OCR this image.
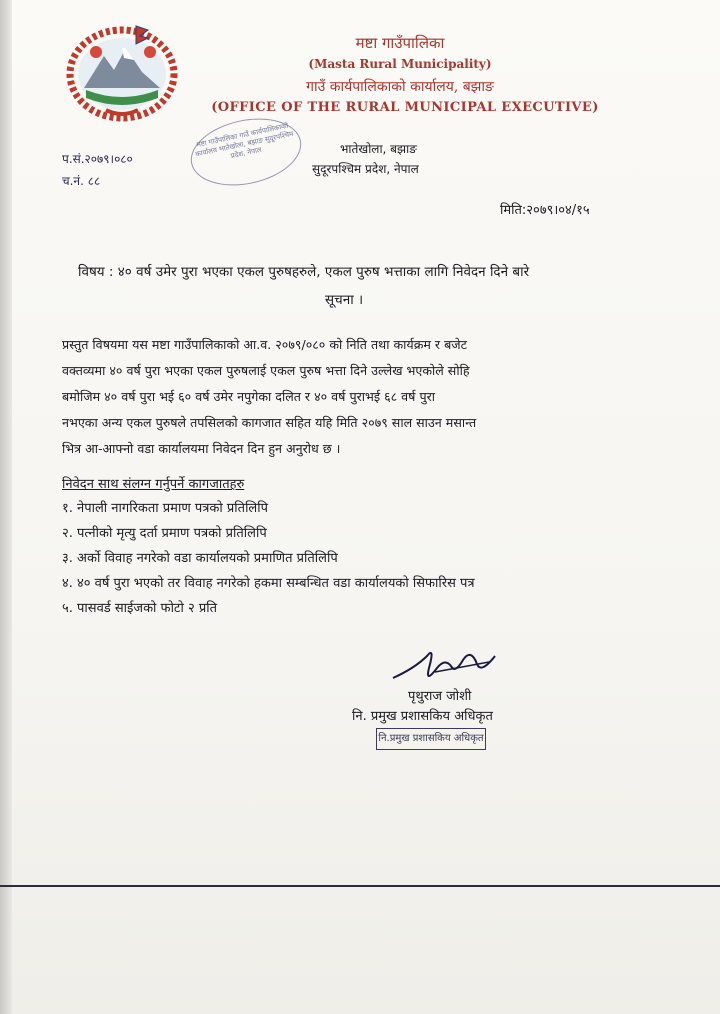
मष्टा गाउँपालिका
(Masta Rural Municipality)
गाउँ कार्यपालिकाको कार्यालय, बझाङ
(OFFICE OF THE RURAL MUNICIPAL EXECUTIVE)
मष्टा गाउँपालिका गाउँ कार्यपालिकाको कार्यालय भातेखोला, बझाङ सुदूरपश्चिम प्रदेश, नेपाल
प.सं.२०७९।०८०
च.नं. ८८
भातेखोला, बझाङ
सुदूरपश्चिम प्रदेश, नेपाल
मिति:२०७९।०४/१५
विषय : ४० वर्ष उमेर पुरा भएका एकल पुरुषहरुले, एकल पुरुष भत्ताका लागि निवेदन दिने बारे
सूचना ।
प्रस्तुत विषयमा यस मष्टा गाउँपालिकाको आ.व. २०७९/०८० को निति तथा कार्यक्रम र बजेट
वक्तव्यमा ४० वर्ष पुरा भएका एकल पुरुषलाई एकल पुरुष भत्ता दिने उल्लेख भएकोले सोहि
बमोजिम ४० वर्ष पुरा भई ६० वर्ष उमेर नपुगेका दलित र ४० वर्ष पुराभई ६८ वर्ष पुरा
नभएका अन्य एकल पुरुषले तपसिलको कागजात सहित यहि मिति २०७९ साल साउन मसान्त
भित्र आ-आफ्नो वडा कार्यालयमा निवेदन दिन हुन अनुरोध छ ।
निवेदन साथ संलग्न गर्नुपर्ने कागजातहरु
१. नेपाली नागरिकता प्रमाण पत्रको प्रतिलिपि
२. पत्नीको मृत्यु दर्ता प्रमाण पत्रको प्रतिलिपि
३. अर्को विवाह नगरेको वडा कार्यालयको प्रमाणित प्रतिलिपि
४. ४० वर्ष पुरा भएको तर विवाह नगरेको हकमा सम्बन्धित वडा कार्यालयको सिफारिस पत्र
५. पासवर्ड साईजको फोटो २ प्रति
पृथुराज जोशी
नि. प्रमुख प्रशासकिय अधिकृत
नि.प्रमुख प्रशासकिय अधिकृत
